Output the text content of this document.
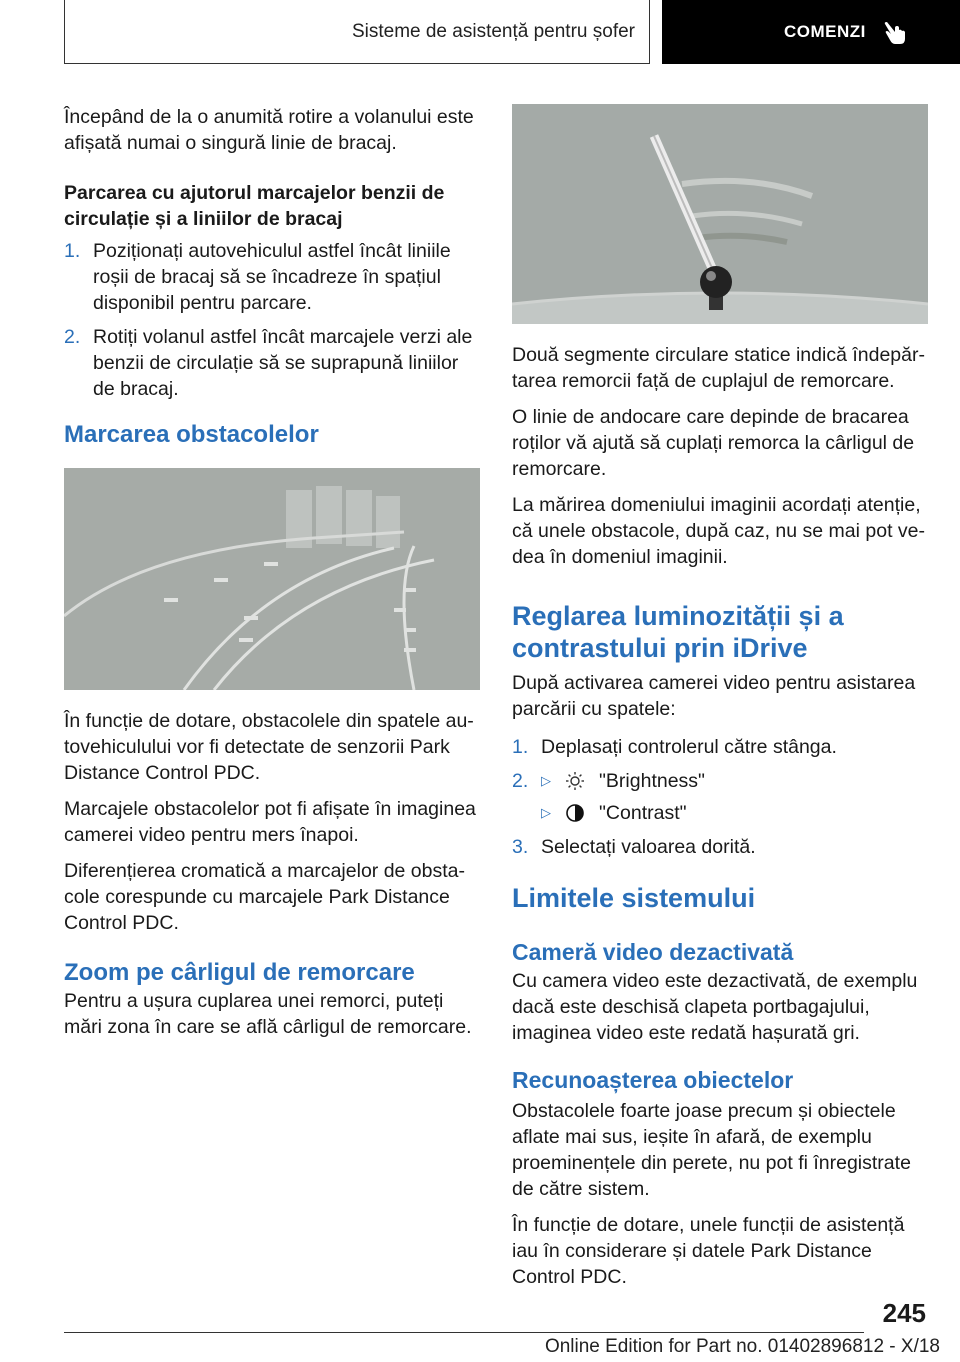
Sisteme de asistență pentru șofer	COMENZI

Începând de la o anumită rotire a volanului este afișată numai o singură linie de bracaj.

Parcarea cu ajutorul marcajelor benzii de circulație și a liniilor de bracaj

1. Poziționați autovehiculul astfel încât liniile roșii de bracaj să se încadreze în spațiul disponibil pentru parcare.
2. Rotiți volanul astfel încât marcajele verzi ale benzii de circulație să se suprapună liniilor de bracaj.
Marcarea obstacolelor

În funcție de dotare, obstacolele din spatele autovehiculului vor fi detectate de senzorii Park Distance Control PDC.

Marcajele obstacolelor pot fi afișate în imaginea camerei video pentru mers înapoi.

Diferențierea cromatică a marcajelor de obstacole corespunde cu marcajele Park Distance Control PDC.

Zoom pe cârligul de remorcare

Pentru a ușura cuplarea unei remorci, puteți mări zona în care se află cârligul de remorcare.

Două segmente circulare statice indică îndepărtarea remorcii față de cuplajul de remorcare.

O linie de andocare care depinde de bracarea roților vă ajută să cuplați remorca la cârligul de remorcare.

La mărirea domeniului imaginii acordați atenție, că unele obstacole, după caz, nu se mai pot vedea în domeniul imaginii.

Reglarea luminozității și a contrastului prin iDrive

După activarea camerei video pentru asistarea parcării cu spatele:

1. Deplasați controlerul către stânga.
2. ▷ "Brightness"
▷ "Contrast"
3. Selectați valoarea dorită.
Limitele sistemului
Cameră video dezactivată

Cu camera video este dezactivată, de exemplu dacă este deschisă clapeta portbagajului, imaginea video este redată hașurată gri.

Recunoașterea obiectelor

Obstacolele foarte joase precum și obiectele aflate mai sus, ieșite în afară, de exemplu proeminențele din perete, nu pot fi înregistrate de către sistem.

În funcție de dotare, unele funcții de asistență iau în considerare și datele Park Distance Control PDC.

245
Online Edition for Part no. 01402896812 - X/18
